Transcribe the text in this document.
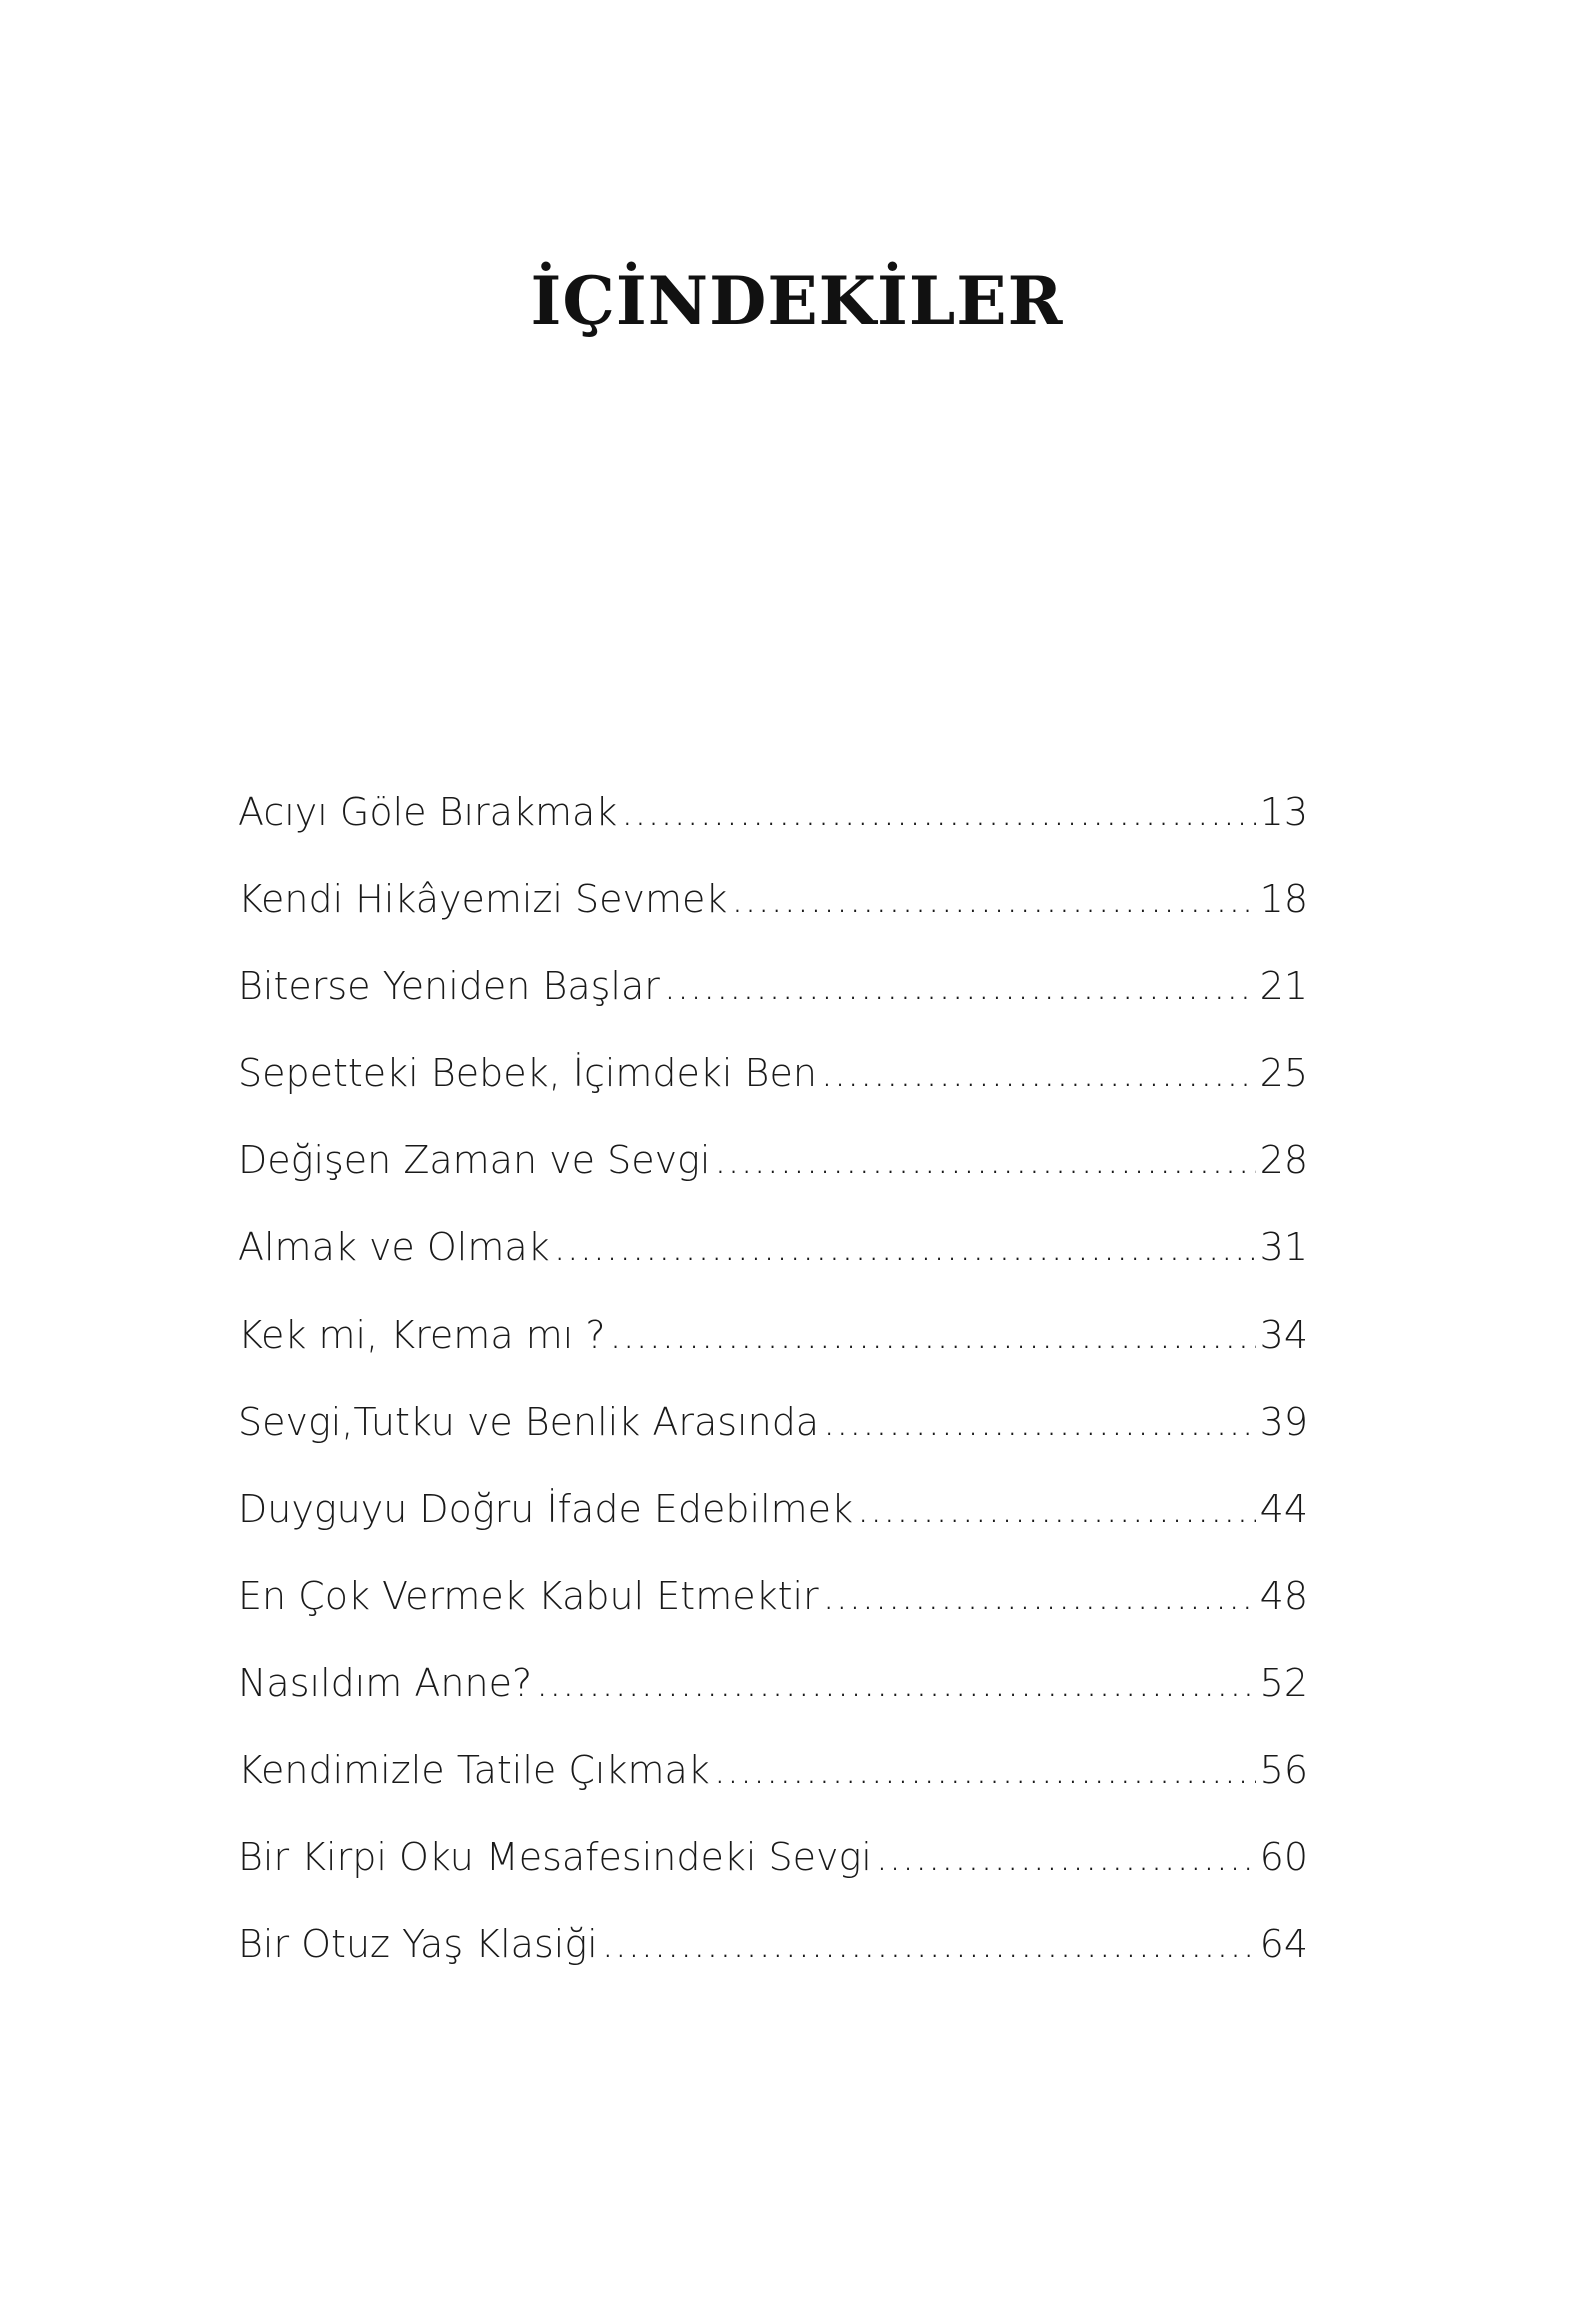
İÇİNDEKİLER
Acıyı Göle Bırakmak .....	13
Kendi Hikâyemizi Sevmek .....	18
Biterse Yeniden Başlar .....	21
Sepetteki Bebek, İçimdeki Ben .....	25
Değişen Zaman ve Sevgi .....	28
Almak ve Olmak .....	31
Kek mi, Krema mı ? .....	34
Sevgi,Tutku ve Benlik Arasında .....	39
Duyguyu Doğru İfade Edebilmek .....	44
En Çok Vermek Kabul Etmektir .....	48
Nasıldım Anne? .....	52
Kendimizle Tatile Çıkmak .....	56
Bir Kirpi Oku Mesafesindeki Sevgi .....	60
Bir Otuz Yaş Klasiği .....	64
